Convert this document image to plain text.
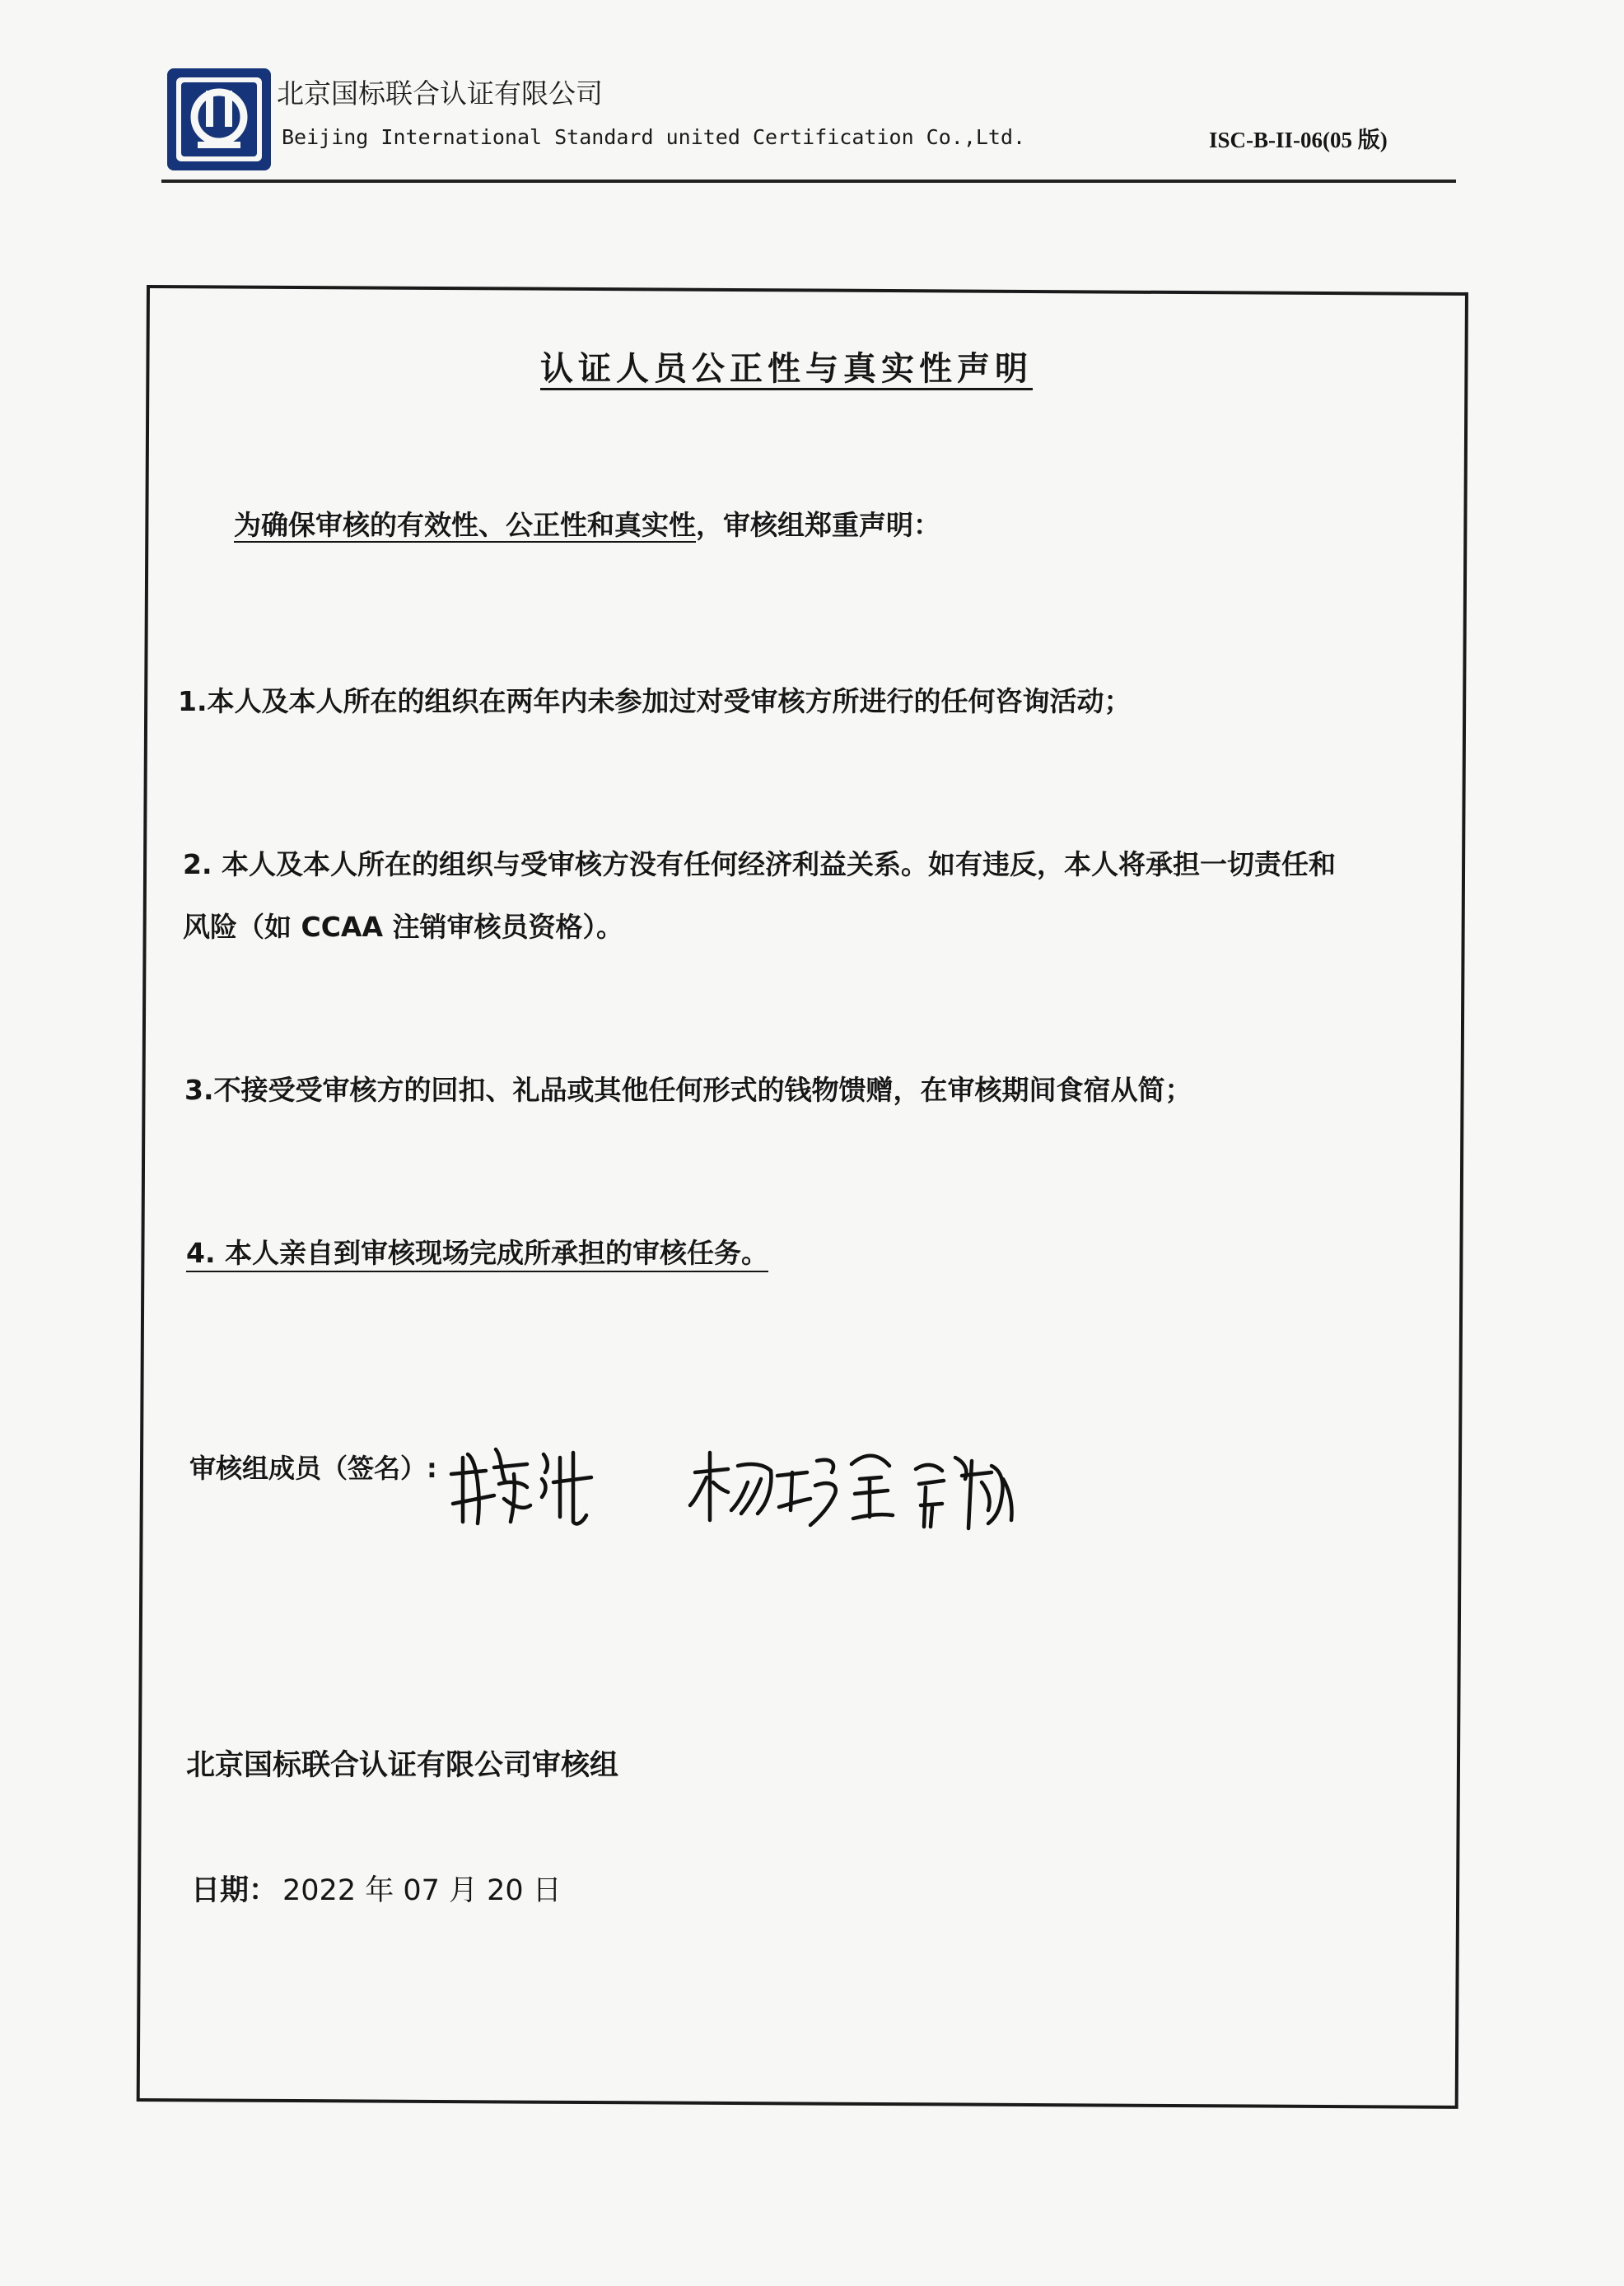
北京国标联合认证有限公司
Beijing International Standard united Certification Co.,Ltd.	ISC-B-II-06(05 版)
认证人员公正性与真实性声明
为确保审核的有效性、公正性和真实性，审核组郑重声明：
1.本人及本人所在的组织在两年内未参加过对受审核方所进行的任何咨询活动；
2. 本人及本人所在的组织与受审核方没有任何经济利益关系。如有违反，本人将承担一切责任和
风险（如 CCAA 注销审核员资格）。
3.不接受受审核方的回扣、礼品或其他任何形式的钱物馈赠，在审核期间食宿从简；
4. 本人亲自到审核现场完成所承担的审核任务。
审核组成员（签名）:
北京国标联合认证有限公司审核组
日期： 2022 年 07 月 20 日
